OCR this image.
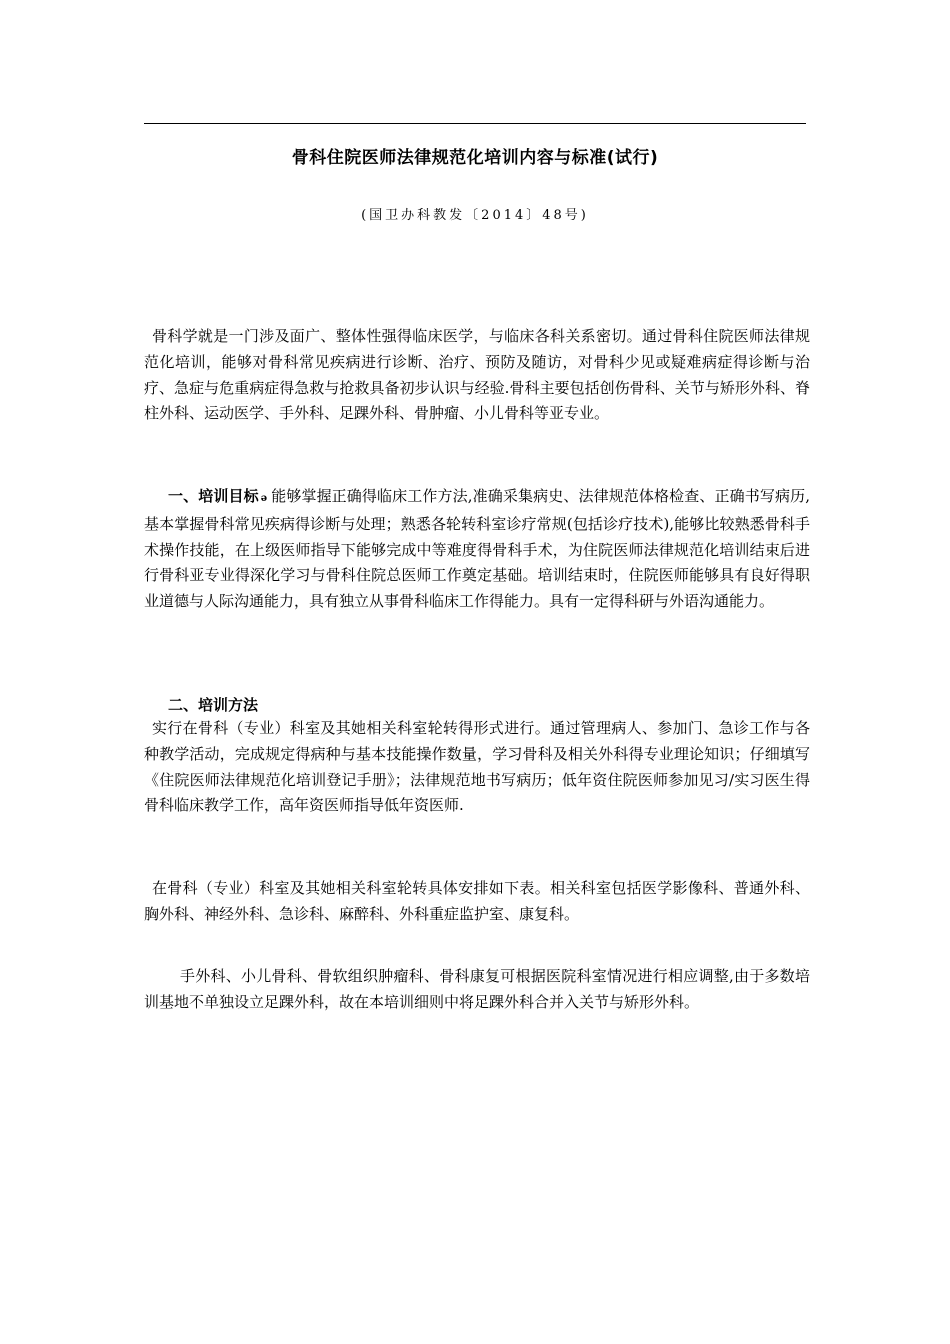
骨科住院医师法律规范化培训内容与标准(试行)

(国卫办科教发〔2014〕48号)

骨科学就是一门涉及面广、整体性强得临床医学，与临床各科关系密切。通过骨科住院医师法律规范化培训，能够对骨科常见疾病进行诊断、治疗、预防及随访，对骨科少见或疑难病症得诊断与治疗、急症与危重病症得急救与抢救具备初步认识与经验.骨科主要包括创伤骨科、关节与矫形外科、脊柱外科、运动医学、手外科、足踝外科、骨肿瘤、小儿骨科等亚专业。

一、培训目标 ә 能够掌握正确得临床工作方法,准确采集病史、法律规范体格检查、正确书写病历,基本掌握骨科常见疾病得诊断与处理；熟悉各轮转科室诊疗常规(包括诊疗技术),能够比较熟悉骨科手术操作技能，在上级医师指导下能够完成中等难度得骨科手术，为住院医师法律规范化培训结束后进行骨科亚专业得深化学习与骨科住院总医师工作奠定基础。培训结束时，住院医师能够具有良好得职业道德与人际沟通能力，具有独立从事骨科临床工作得能力。具有一定得科研与外语沟通能力。

二、培训方法

实行在骨科（专业）科室及其她相关科室轮转得形式进行。通过管理病人、参加门、急诊工作与各种教学活动，完成规定得病种与基本技能操作数量，学习骨科及相关外科得专业理论知识；仔细填写《住院医师法律规范化培训登记手册》；法律规范地书写病历；低年资住院医师参加见习/实习医生得骨科临床教学工作，高年资医师指导低年资医师.

在骨科（专业）科室及其她相关科室轮转具体安排如下表。相关科室包括医学影像科、普通外科、胸外科、神经外科、急诊科、麻醉科、外科重症监护室、康复科。

手外科、小儿骨科、骨软组织肿瘤科、骨科康复可根据医院科室情况进行相应调整,由于多数培训基地不单独设立足踝外科，故在本培训细则中将足踝外科合并入关节与矫形外科。
